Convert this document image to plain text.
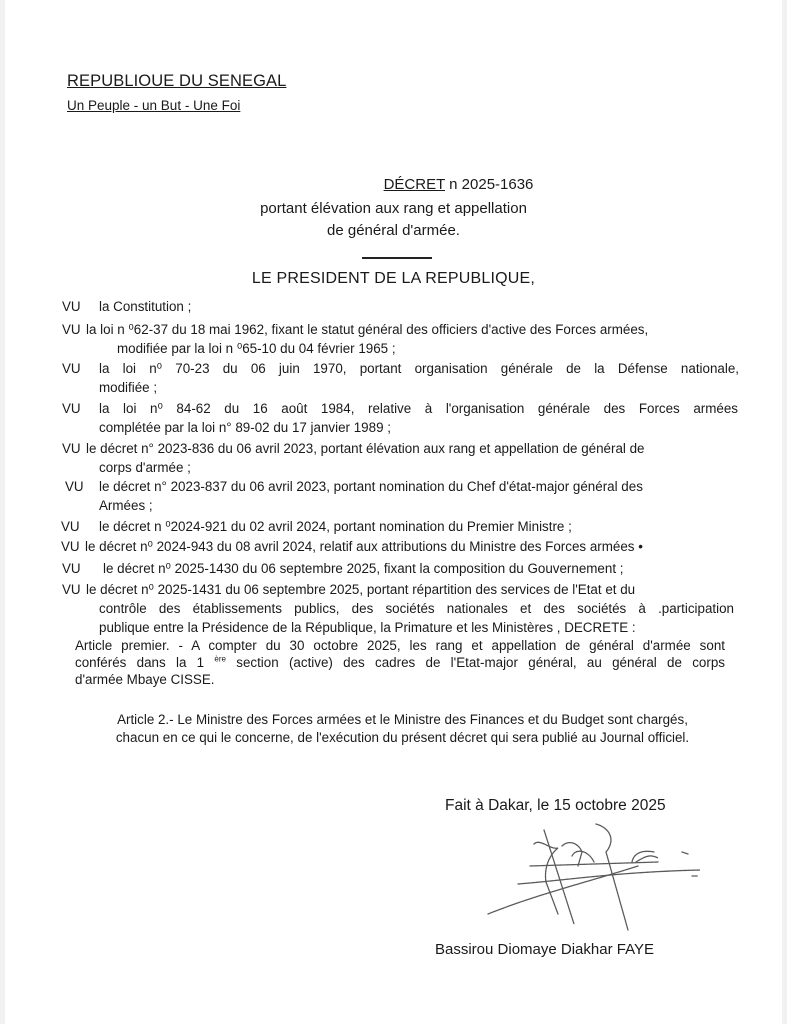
REPUBLIOUE DU SENEGAL
Un Peuple - un But - Une Foi
DÉCRET n 2025-1636
portant élévation aux rang et appellation
de général d'armée.
LE PRESIDENT DE LA REPUBLIQUE,
VU la Constitution ;
VU la loi n ⁰62-37 du 18 mai 1962, fixant le statut général des officiers d'active des Forces armées,
modifiée par la loi n ⁰65-10 du 04 février 1965 ;
VU la loi n⁰ 70-23 du 06 juin 1970, portant organisation générale de la Défense nationale,
modifiée ;
VU la loi n⁰ 84-62 du 16 août 1984, relative à l'organisation générale des Forces armées
complétée par la loi n° 89-02 du 17 janvier 1989 ;
VU le décret n° 2023-836 du 06 avril 2023, portant élévation aux rang et appellation de général de
corps d'armée ;
VU le décret n° 2023-837 du 06 avril 2023, portant nomination du Chef d'état-major général des
Armées ;
VU le décret n ⁰2024-921 du 02 avril 2024, portant nomination du Premier Ministre ;
VU le décret n⁰ 2024-943 du 08 avril 2024, relatif aux attributions du Ministre des Forces armées •
VU le décret n⁰ 2025-1430 du 06 septembre 2025, fixant la composition du Gouvernement ;
VU le décret n⁰ 2025-1431 du 06 septembre 2025, portant répartition des services de l'Etat et du
contrôle des établissements publics, des sociétés nationales et des sociétés à .participation
publique entre la Présidence de la République, la Primature et les Ministères , DECRETE :
Article premier. - A compter du 30 octobre 2025, les rang et appellation de général d'armée sont
conférés dans la 1 $^{ère}$ section (active) des cadres de l'Etat-major général, au général de corps
d'armée Mbaye CISSE.
Article 2.- Le Ministre des Forces armées et le Ministre des Finances et du Budget sont chargés,
chacun en ce qui le concerne, de l'exécution du présent décret qui sera publié au Journal officiel.
Fait à Dakar, le 15 octobre 2025
Bassirou Diomaye Diakhar FAYE
